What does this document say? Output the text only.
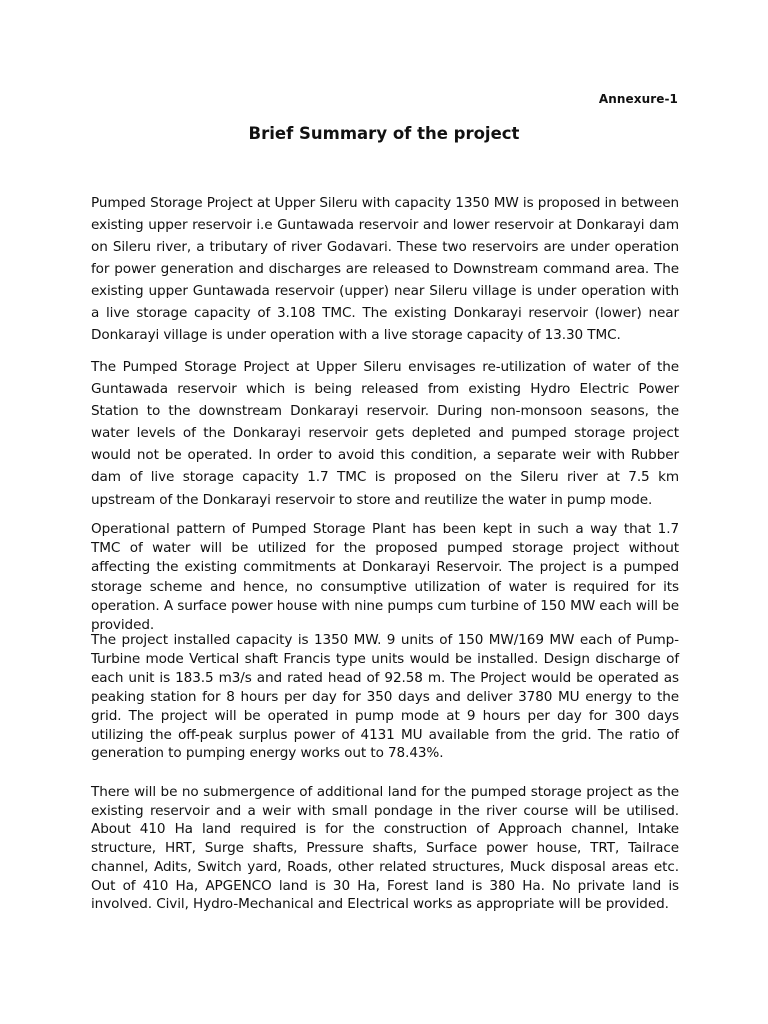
Annexure-1
Brief Summary of the project

Pumped Storage Project at Upper Sileru with capacity 1350 MW is proposed in between existing upper reservoir i.e Guntawada reservoir and lower reservoir at Donkarayi dam on Sileru river, a tributary of river Godavari. These two reservoirs are under operation for power generation and discharges are released to Downstream command area. The existing upper Guntawada reservoir (upper) near Sileru village is under operation with a live storage capacity of 3.108 TMC. The existing Donkarayi reservoir (lower) near Donkarayi village is under operation with a live storage capacity of 13.30 TMC.

The Pumped Storage Project at Upper Sileru envisages re-utilization of water of the Guntawada reservoir which is being released from existing Hydro Electric Power Station to the downstream Donkarayi reservoir. During non-monsoon seasons, the water levels of the Donkarayi reservoir gets depleted and pumped storage project would not be operated. In order to avoid this condition, a separate weir with Rubber dam of live storage capacity 1.7 TMC is proposed on the Sileru river at 7.5 km upstream of the Donkarayi reservoir to store and reutilize the water in pump mode.

Operational pattern of Pumped Storage Plant has been kept in such a way that 1.7 TMC of water will be utilized for the proposed pumped storage project without affecting the existing commitments at Donkarayi Reservoir. The project is a pumped storage scheme and hence, no consumptive utilization of water is required for its operation. A surface power house with nine pumps cum turbine of 150 MW each will be provided.

The project installed capacity is 1350 MW. 9 units of 150 MW/169 MW each of Pump-Turbine mode Vertical shaft Francis type units would be installed. Design discharge of each unit is 183.5 m3/s and rated head of 92.58 m. The Project would be operated as peaking station for 8 hours per day for 350 days and deliver 3780 MU energy to the grid. The project will be operated in pump mode at 9 hours per day for 300 days utilizing the off-peak surplus power of 4131 MU available from the grid. The ratio of generation to pumping energy works out to 78.43%.

There will be no submergence of additional land for the pumped storage project as the existing reservoir and a weir with small pondage in the river course will be utilised. About 410 Ha land required is for the construction of Approach channel, Intake structure, HRT, Surge shafts, Pressure shafts, Surface power house, TRT, Tailrace channel, Adits, Switch yard, Roads, other related structures, Muck disposal areas etc. Out of 410 Ha, APGENCO land is 30 Ha, Forest land is 380 Ha. No private land is involved. Civil, Hydro-Mechanical and Electrical works as appropriate will be provided.
